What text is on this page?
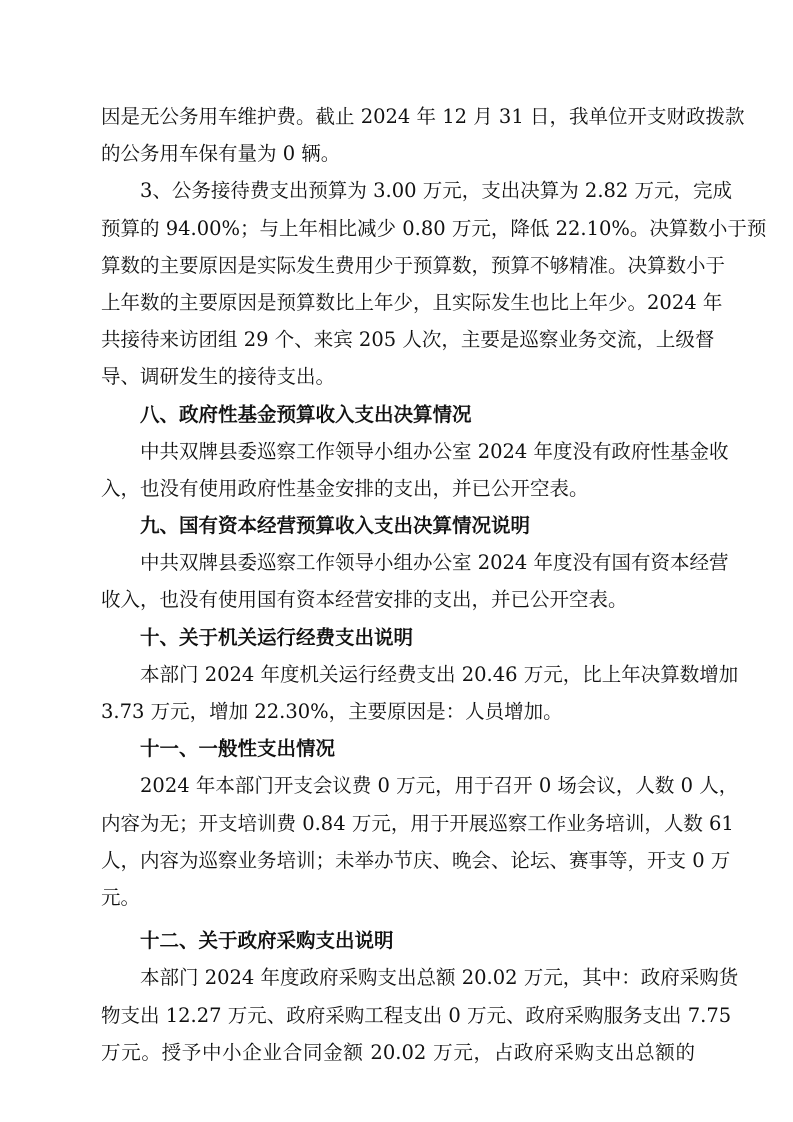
因是无公务用车维护费。截止 2024 年 12 月 31 日，我单位开支财政拨款
的公务用车保有量为 0 辆。
3、公务接待费支出预算为 3.00 万元，支出决算为 2.82 万元，完成
预算的 94.00%；与上年相比减少 0.80 万元，降低 22.10%。决算数小于预
算数的主要原因是实际发生费用少于预算数，预算不够精准。决算数小于
上年数的主要原因是预算数比上年少，且实际发生也比上年少。2024 年
共接待来访团组 29 个、来宾 205 人次，主要是巡察业务交流，上级督
导、调研发生的接待支出。
八、政府性基金预算收入支出决算情况
中共双牌县委巡察工作领导小组办公室 2024 年度没有政府性基金收
入，也没有使用政府性基金安排的支出，并已公开空表。
九、国有资本经营预算收入支出决算情况说明
中共双牌县委巡察工作领导小组办公室 2024 年度没有国有资本经营
收入，也没有使用国有资本经营安排的支出，并已公开空表。
十、关于机关运行经费支出说明
本部门 2024 年度机关运行经费支出 20.46 万元，比上年决算数增加
3.73 万元，增加 22.30%，主要原因是：人员增加。
十一、一般性支出情况
2024 年本部门开支会议费 0 万元，用于召开 0 场会议，人数 0 人，
内容为无；开支培训费 0.84 万元，用于开展巡察工作业务培训，人数 61
人，内容为巡察业务培训；未举办节庆、晚会、论坛、赛事等，开支 0 万
元。
十二、关于政府采购支出说明
本部门 2024 年度政府采购支出总额 20.02 万元，其中：政府采购货
物支出 12.27 万元、政府采购工程支出 0 万元、政府采购服务支出 7.75
万元。授予中小企业合同金额 20.02 万元，占政府采购支出总额的
